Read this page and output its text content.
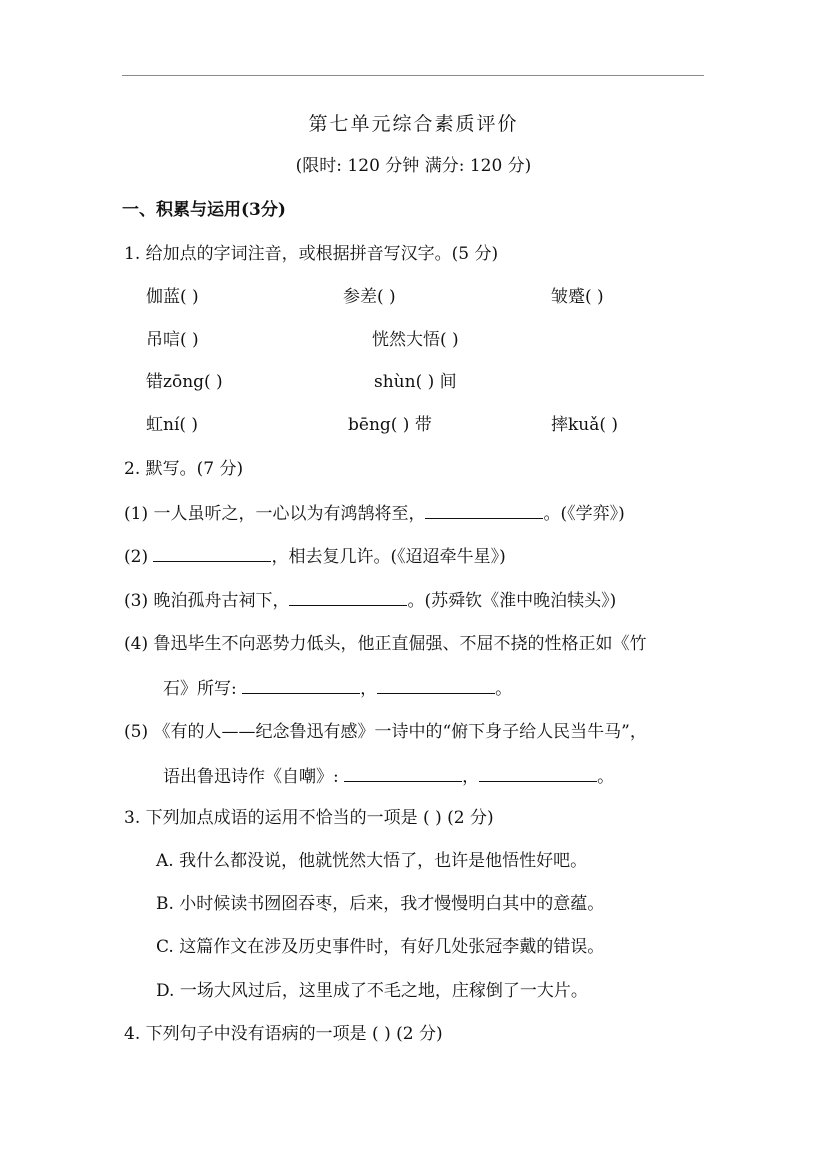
第七单元综合素质评价
(限时: 120 分钟 满分: 120 分)
一、积累与运用(3分)
1. 给加点的字词注音，或根据拼音写汉字。(5 分)
伽蓝( )	参差( )	皱蹙( )
吊唁( )	恍然大悟( )
错zōng( )	shùn( ) 间
虹ní( )	bēng( ) 带	摔kuǎ( )
2. 默写。(7 分)
(1) 一人虽听之，一心以为有鸿鹄将至，	。(《学弈》)
(2)	，相去复几许。(《迢迢牵牛星》)
(3) 晚泊孤舟古祠下，	。(苏舜钦《淮中晚泊犊头》)
(4) 鲁迅毕生不向恶势力低头，他正直倔强、不屈不挠的性格正如《竹
石》所写:	，	。
(5) 《有的人——纪念鲁迅有感》一诗中的“俯下身子给人民当牛马”，
语出鲁迅诗作《自嘲》:	，	。
3. 下列加点成语的运用不恰当的一项是 ( ) (2 分)
A. 我什么都没说，他就恍然大悟了，也许是他悟性好吧。
B. 小时候读书囫囵吞枣，后来，我才慢慢明白其中的意蕴。
C. 这篇作文在涉及历史事件时，有好几处张冠李戴的错误。
D. 一场大风过后，这里成了不毛之地，庄稼倒了一大片。
4. 下列句子中没有语病的一项是 ( ) (2 分)
